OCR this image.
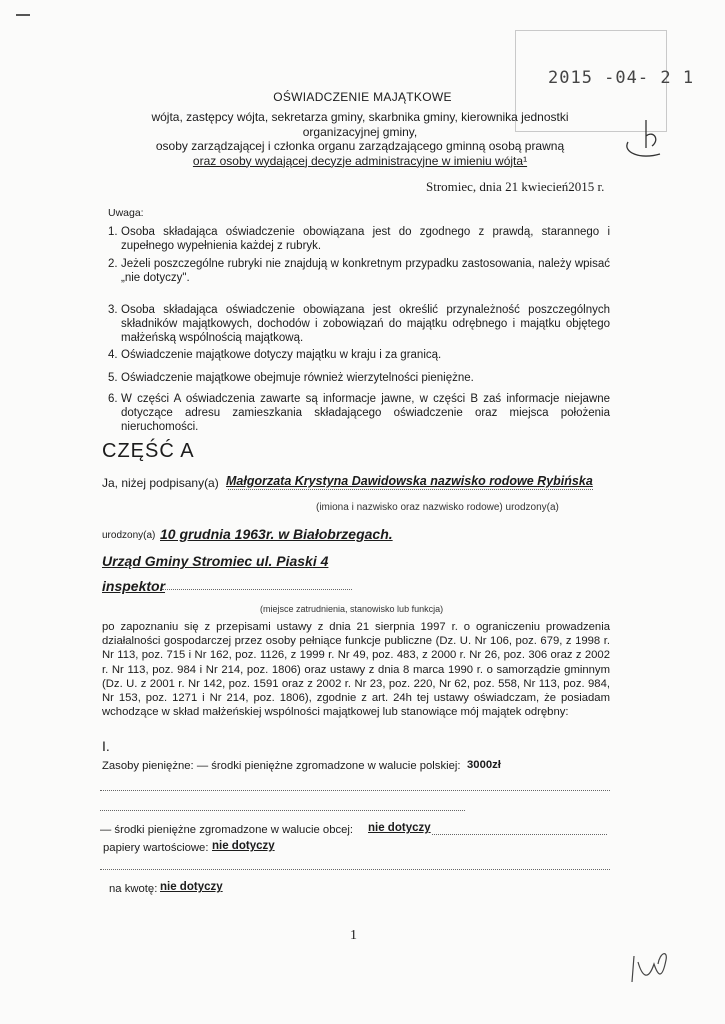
2015 -04- 2 1
OŚWIADCZENIE MAJĄTKOWE
wójta, zastępcy wójta, sekretarza gminy, skarbnika gminy, kierownika jednostki
organizacyjnej gminy,
osoby zarządzającej i członka organu zarządzającego gminną osobą prawną
oraz osoby wydającej decyzje administracyjne w imieniu wójta¹
Stromiec, dnia 21 kwiecień2015 r.
Uwaga:
1. Osoba składająca oświadczenie obowiązana jest do zgodnego z prawdą, starannego i zupełnego wypełnienia każdej z rubryk.
2. Jeżeli poszczególne rubryki nie znajdują w konkretnym przypadku zastosowania, należy wpisać „nie dotyczy".
3. Osoba składająca oświadczenie obowiązana jest określić przynależność poszczególnych składników majątkowych, dochodów i zobowiązań do majątku odrębnego i majątku objętego małżeńską wspólnością majątkową.
4. Oświadczenie majątkowe dotyczy majątku w kraju i za granicą.
5. Oświadczenie majątkowe obejmuje również wierzytelności pieniężne.
6. W części A oświadczenia zawarte są informacje jawne, w części B zaś informacje niejawne dotyczące adresu zamieszkania składającego oświadczenie oraz miejsca położenia nieruchomości.
CZĘŚĆ A
Ja, niżej podpisany(a) Małgorzata Krystyna Dawidowska nazwisko rodowe Rybińska
(imiona i nazwisko oraz nazwisko rodowe) urodzony(a)
urodzony(a) 10 grudnia 1963r. w Białobrzegach.
Urząd Gminy Stromiec ul. Piaski 4
inspektor
(miejsce zatrudnienia, stanowisko lub funkcja)
po zapoznaniu się z przepisami ustawy z dnia 21 sierpnia 1997 r. o ograniczeniu prowadzenia działalności gospodarczej przez osoby pełniące funkcje publiczne (Dz. U. Nr 106, poz. 679, z 1998 r. Nr 113, poz. 715 i Nr 162, poz. 1126, z 1999 r. Nr 49, poz. 483, z 2000 r. Nr 26, poz. 306 oraz z 2002 r. Nr 113, poz. 984 i Nr 214, poz. 1806) oraz ustawy z dnia 8 marca 1990 r. o samorządzie gminnym (Dz. U. z 2001 r. Nr 142, poz. 1591 oraz z 2002 r. Nr 23, poz. 220, Nr 62, poz. 558, Nr 113, poz. 984, Nr 153, poz. 1271 i Nr 214, poz. 1806), zgodnie z art. 24h tej ustawy oświadczam, że posiadam wchodzące w skład małżeńskiej wspólności majątkowej lub stanowiące mój majątek odrębny:
I.
Zasoby pieniężne: — środki pieniężne zgromadzone w walucie polskiej: 3000zł
— środki pieniężne zgromadzone w walucie obcej: nie dotyczy
papiery wartościowe: nie dotyczy
na kwotę: nie dotyczy
1
